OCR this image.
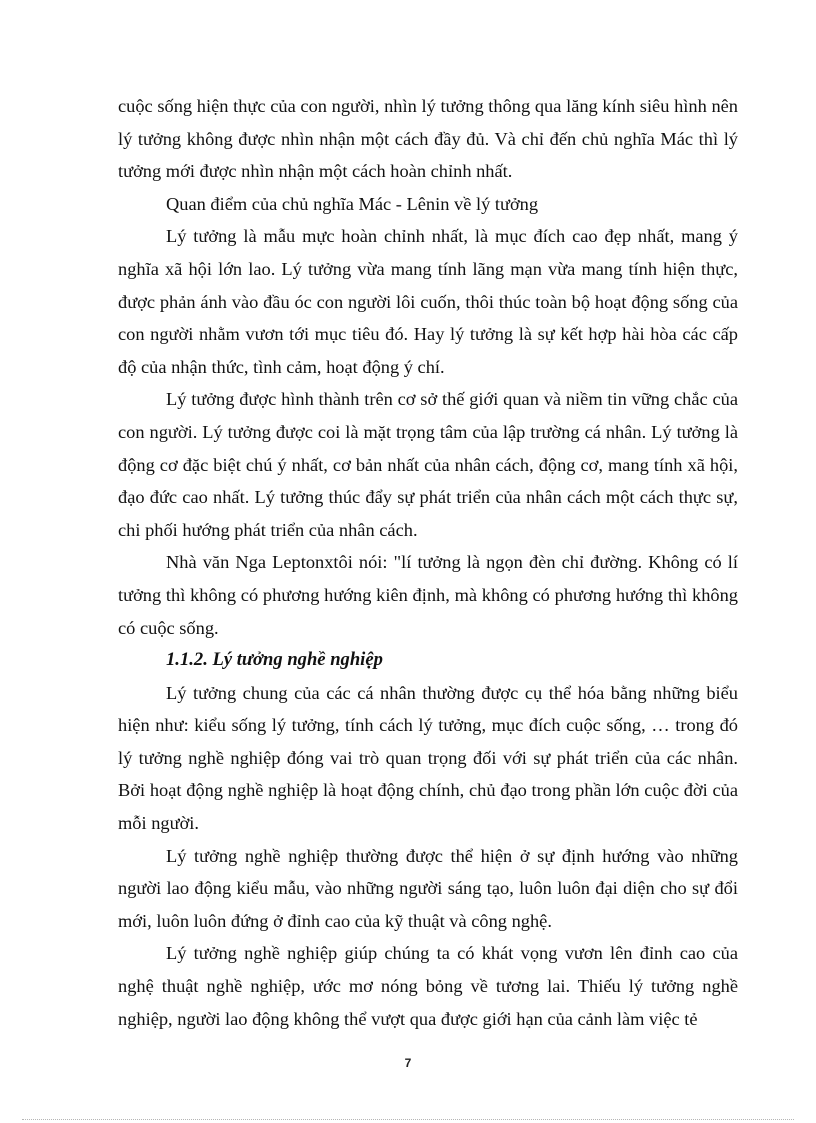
cuộc sống hiện thực của con người, nhìn lý tưởng thông qua lăng kính siêu hình nên lý tưởng không được nhìn nhận một cách đầy đủ. Và chỉ đến chủ nghĩa Mác thì lý tưởng mới được nhìn nhận một cách hoàn chỉnh nhất.

Quan điểm của chủ nghĩa Mác - Lênin về lý tưởng

Lý tưởng là mẫu mực hoàn chỉnh nhất, là mục đích cao đẹp nhất, mang ý nghĩa xã hội lớn lao. Lý tưởng vừa mang tính lãng mạn vừa mang tính hiện thực, được phản ánh vào đầu óc con người lôi cuốn, thôi thúc toàn bộ hoạt động sống của con người nhằm vươn tới mục tiêu đó. Hay lý tưởng là sự kết hợp hài hòa các cấp độ của nhận thức, tình cảm, hoạt động ý chí.

Lý tưởng được hình thành trên cơ sở thế giới quan và niềm tin vững chắc của con người. Lý tưởng được coi là mặt trọng tâm của lập trường cá nhân. Lý tưởng là động cơ đặc biệt chú ý nhất, cơ bản nhất của nhân cách, động cơ, mang tính xã hội, đạo đức cao nhất. Lý tưởng thúc đẩy sự phát triển của nhân cách một cách thực sự, chi phối hướng phát triển của nhân cách.

Nhà văn Nga Leptonxtôi nói: "lí tưởng là ngọn đèn chỉ đường. Không có lí tưởng thì không có phương hướng kiên định, mà không có phương hướng thì không có cuộc sống.

1.1.2. Lý tưởng nghề nghiệp

Lý tưởng chung của các cá nhân thường được cụ thể hóa bằng những biểu hiện như: kiểu sống lý tưởng, tính cách lý tưởng, mục đích cuộc sống, … trong đó lý tưởng nghề nghiệp đóng vai trò quan trọng đối với sự phát triển của các nhân. Bởi hoạt động nghề nghiệp là hoạt động chính, chủ đạo trong phần lớn cuộc đời của mỗi người.

Lý tưởng nghề nghiệp thường được thể hiện ở sự định hướng vào những người lao động kiểu mẫu, vào những người sáng tạo, luôn luôn đại diện cho sự đổi mới, luôn luôn đứng ở đỉnh cao của kỹ thuật và công nghệ.

Lý tưởng nghề nghiệp giúp chúng ta có khát vọng vươn lên đỉnh cao của nghệ thuật nghề nghiệp, ước mơ nóng bỏng về tương lai. Thiếu lý tưởng nghề nghiệp, người lao động không thể vượt qua được giới hạn của cảnh làm việc tẻ

7
